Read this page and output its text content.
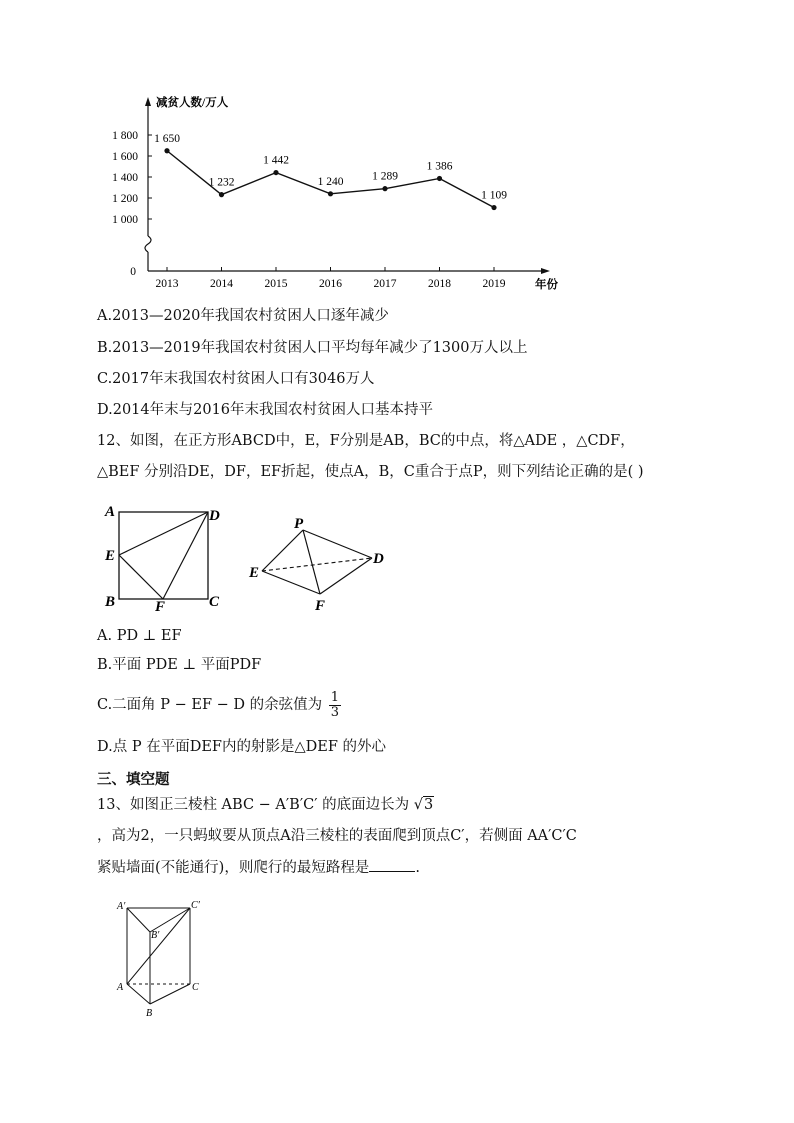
1 000
1 200
1 400
1 600
1 800
0
2013	2014	2015	2016	2017	2018	2019
减贫人数/万人
年份
1 650
1 232
1 442
1 240 1 289
1 386
1 109
A.2013—2020年我国农村贫困人口逐年减少
B.2013—2019年我国农村贫困人口平均每年减少了1300万人以上
C.2017年末我国农村贫困人口有3046万人
D.2014年末与2016年末我国农村贫困人口基本持平
12、如图，在正方形ABCD中，E，F分别是AB，BC的中点，将△ADE ，△CDF，
△BEF 分别沿DE，DF，EF折起，使点A，B，C重合于点P，则下列结论正确的是( )
A	D
E
B	F	C
P
D
E
F
A. PD ⊥ EF
B.平面 PDE ⊥ 平面PDF
C.二面角 P − EF − D 的余弦值为 $\frac{1}{3}$
D.点 P 在平面DEF内的射影是△DEF 的外心
三、填空题
13、如图正三棱柱 ABC − A′B′C′ 的底面边长为 √3
，高为2，一只蚂蚁要从顶点A沿三棱柱的表面爬到顶点C′，若侧面 AA′C′C
紧贴墙面(不能通行)，则爬行的最短路程是	.
A′	C′
B′
A	C
B
